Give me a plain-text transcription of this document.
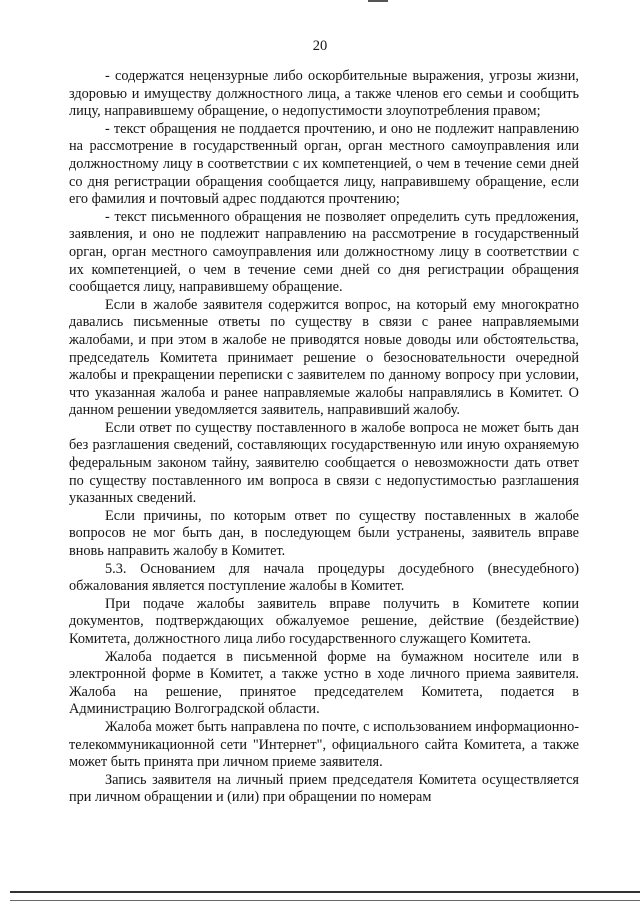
20

- содержатся нецензурные либо оскорбительные выражения, угрозы жизни, здоровью и имуществу должностного лица, а также членов его семьи и сообщить лицу, направившему обращение, о недопустимости злоупотребления правом;

- текст обращения не поддается прочтению, и оно не подлежит направлению на рассмотрение в государственный орган, орган местного самоуправления или должностному лицу в соответствии с их компетенцией, о чем в течение семи дней со дня регистрации обращения сообщается лицу, направившему обращение, если его фамилия и почтовый адрес поддаются прочтению;

- текст письменного обращения не позволяет определить суть предложения, заявления, и оно не подлежит направлению на рассмотрение в государственный орган, орган местного самоуправления или должностному лицу в соответствии с их компетенцией, о чем в течение семи дней со дня регистрации обращения сообщается лицу, направившему обращение.

Если в жалобе заявителя содержится вопрос, на который ему многократно давались письменные ответы по существу в связи с ранее направляемыми жалобами, и при этом в жалобе не приводятся новые доводы или обстоятельства, председатель Комитета принимает решение о безосновательности очередной жалобы и прекращении переписки с заявителем по данному вопросу при условии, что указанная жалоба и ранее направляемые жалобы направлялись в Комитет. О данном решении уведомляется заявитель, направивший жалобу.

Если ответ по существу поставленного в жалобе вопроса не может быть дан без разглашения сведений, составляющих государственную или иную охраняемую федеральным законом тайну, заявителю сообщается о невозможности дать ответ по существу поставленного им вопроса в связи с недопустимостью разглашения указанных сведений.

Если причины, по которым ответ по существу поставленных в жалобе вопросов не мог быть дан, в последующем были устранены, заявитель вправе вновь направить жалобу в Комитет.

5.3. Основанием для начала процедуры досудебного (внесудебного) обжалования является поступление жалобы в Комитет.

При подаче жалобы заявитель вправе получить в Комитете копии документов, подтверждающих обжалуемое решение, действие (бездействие) Комитета, должностного лица либо государственного служащего Комитета.

Жалоба подается в письменной форме на бумажном носителе или в электронной форме в Комитет, а также устно в ходе личного приема заявителя. Жалоба на решение, принятое председателем Комитета, подается в Администрацию Волгоградской области.

Жалоба может быть направлена по почте, с использованием информационно-телекоммуникационной сети "Интернет", официального сайта Комитета, а также может быть принята при личном приеме заявителя.

Запись заявителя на личный прием председателя Комитета осуществляется при личном обращении и (или) при обращении по номерам
